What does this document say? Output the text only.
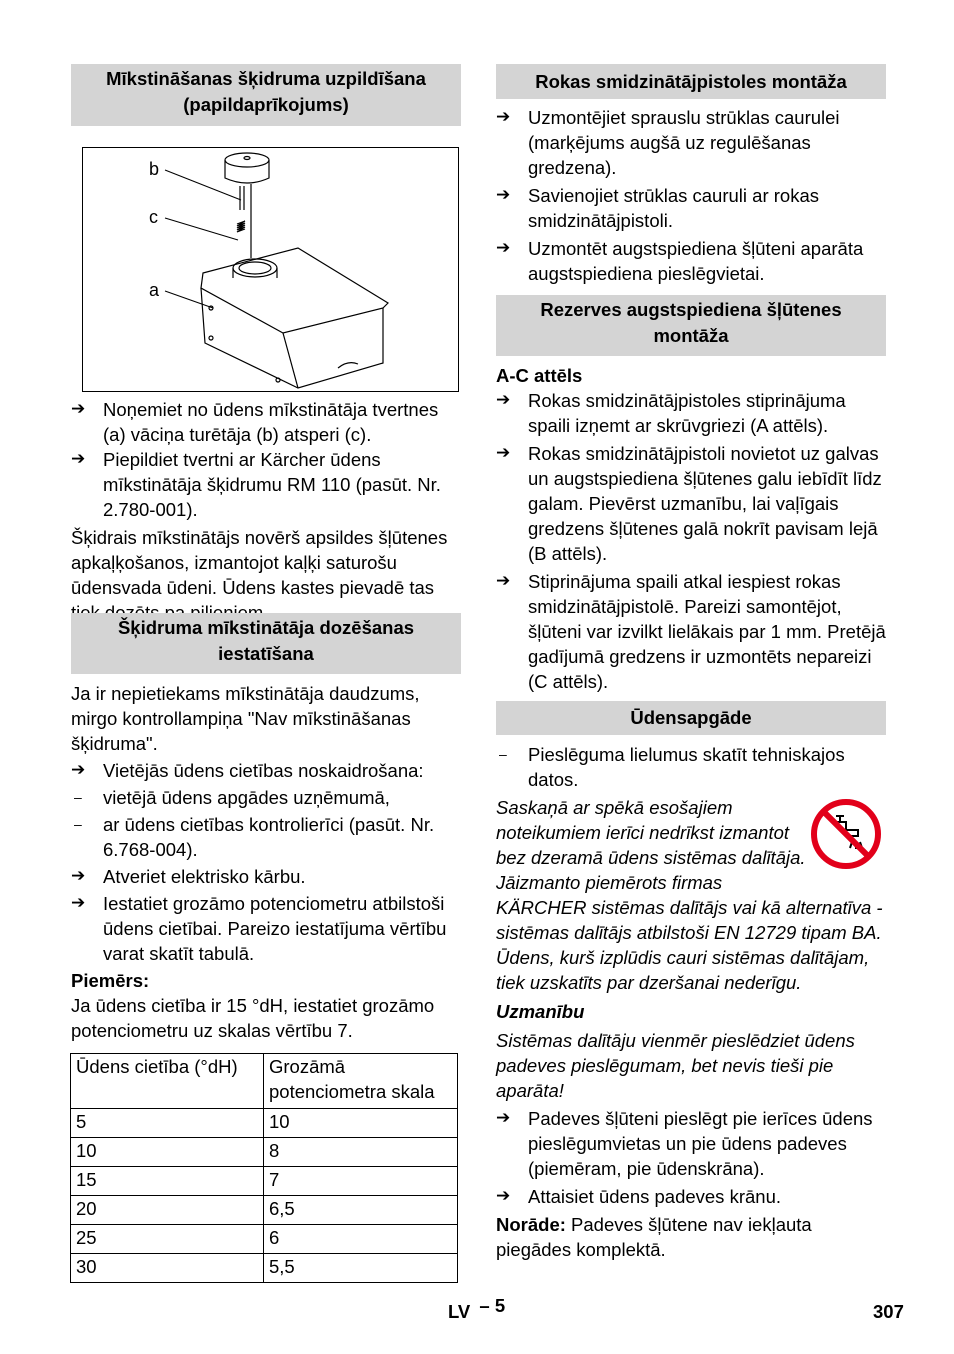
Mīkstināšanas šķidruma uzpildīšana (papildaprīkojums)
b
c
a

➔ Noņemiet no ūdens mīkstinātāja tvertnes (a) vāciņa turētāja (b) atsperi (c).

➔ Piepildiet tvertni ar Kärcher ūdens mīkstinātāja šķidrumu RM 110 (pasūt. Nr. 2.780-001).

Šķidrais mīkstinātājs novērš apsildes šļūtenes apkaļķošanos, izmantojot kaļķi saturošu ūdensvada ūdeni. Ūdens kastes pievadē tas

Šķidruma mīkstinātāja dozēšanas iestatīšana

Ja ir nepietiekams mīkstinātāja daudzums, mirgo kontrollampiņa "Nav mīkstināšanas šķidruma".

➔ Vietējās ūdens cietības noskaidrošana:

– vietējā ūdens apgādes uzņēmumā,

– ar ūdens cietības kontrolierīci (pasūt. Nr. 6.768-004).

➔ Atveriet elektrisko kārbu.

➔ Iestatiet grozāmo potenciometru atbilstoši ūdens cietībai. Pareizo iestatījuma vērtību varat skatīt tabulā.

Piemērs:

Ja ūdens cietība ir 15 °dH, iestatiet grozāmo potenciometru uz skalas vērtību 7.

Ūdens cietība (°dH)	Grozāmā potenciometra skala
5	10
10	8
15	7
20	6,5
25	6
30	5,5
Rokas smidzinātājpistoles montāža

➔ Uzmontējiet sprauslu strūklas caurulei (marķējums augšā uz regulēšanas gredzena).

➔ Savienojiet strūklas cauruli ar rokas smidzinātājpistoli.

➔ Uzmontēt augstspiediena šļūteni aparāta augstspiediena pieslēgvietai.

Rezerves augstspiediena šļūtenes montāža

A-C attēls

➔ Rokas smidzinātājpistoles stiprinājuma spaili izņemt ar skrūvgriezi (A attēls).

➔ Rokas smidzinātājpistoli novietot uz galvas un augstspiediena šļūtenes galu iebīdīt līdz galam. Pievērst uzmanību, lai vaļīgais gredzens šļūtenes galā nokrīt pavisam lejā (B attēls).

➔ Stiprinājuma spaili atkal iespiest rokas smidzinātājpistolē. Pareizi samontējot, šļūteni var izvilkt lielākais par 1 mm. Pretējā gadījumā gredzens ir uzmontēts nepareizi (C attēls).

Ūdensapgāde

– Pieslēguma lielumus skatīt tehniskajos datos.

Saskaņā ar spēkā esošajiem noteikumiem ierīci nedrīkst izmantot bez dzeramā ūdens sistēmas dalītāja. Jāizmanto piemērots firmas KÄRCHER sistēmas dalītājs vai kā alternatīva - sistēmas dalītājs atbilstoši EN 12729 tipam BA. Ūdens, kurš izplūdis cauri sistēmas dalītājam, tiek uzskatīts par dzeršanai nederīgu.

Uzmanību

Sistēmas dalītāju vienmēr pieslēdziet ūdens padeves pieslēgumam, bet nevis tieši pie aparāta!

➔ Padeves šļūteni pieslēgt pie ierīces ūdens pieslēgumvietas un pie ūdens padeves (piemēram, pie ūdenskrāna).

➔ Attaisiet ūdens padeves krānu.

Norāde: Padeves šļūtene nav iekļauta piegādes komplektā.

LV – 5	307
